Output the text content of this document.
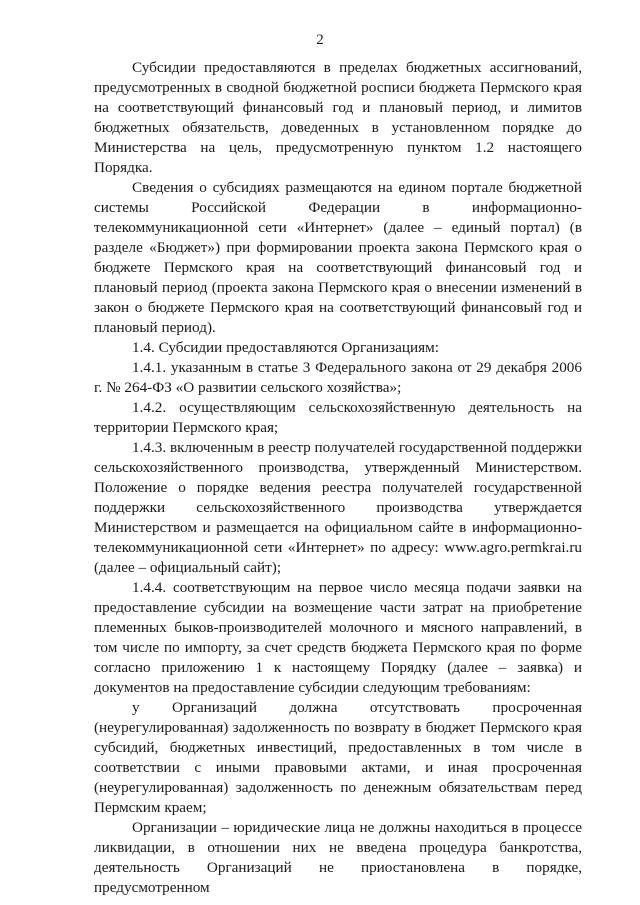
2

Субсидии предоставляются в пределах бюджетных ассигнований, предусмотренных в сводной бюджетной росписи бюджета Пермского края на соответствующий финансовый год и плановый период, и лимитов бюджетных обязательств, доведенных в установленном порядке до Министерства на цель, предусмотренную пунктом 1.2 настоящего Порядка.

Сведения о субсидиях размещаются на едином портале бюджетной системы Российской Федерации в информационно-телекоммуникационной сети «Интернет» (далее – единый портал) (в разделе «Бюджет») при формировании проекта закона Пермского края о бюджете Пермского края на соответствующий финансовый год и плановый период (проекта закона Пермского края о внесении изменений в закон о бюджете Пермского края на соответствующий финансовый год и плановый период).

1.4. Субсидии предоставляются Организациям:

1.4.1. указанным в статье 3 Федерального закона от 29 декабря 2006 г. № 264-ФЗ «О развитии сельского хозяйства»;

1.4.2. осуществляющим сельскохозяйственную деятельность на территории Пермского края;

1.4.3. включенным в реестр получателей государственной поддержки сельскохозяйственного производства, утвержденный Министерством. Положение о порядке ведения реестра получателей государственной поддержки сельскохозяйственного производства утверждается Министерством и размещается на официальном сайте в информационно-телекоммуникационной сети «Интернет» по адресу: www.agro.permkrai.ru (далее – официальный сайт);

1.4.4. соответствующим на первое число месяца подачи заявки на предоставление субсидии на возмещение части затрат на приобретение племенных быков-производителей молочного и мясного направлений, в том числе по импорту, за счет средств бюджета Пермского края по форме согласно приложению 1 к настоящему Порядку (далее – заявка) и документов на предоставление субсидии следующим требованиям:

у Организаций должна отсутствовать просроченная (неурегулированная) задолженность по возврату в бюджет Пермского края субсидий, бюджетных инвестиций, предоставленных в том числе в соответствии с иными правовыми актами, и иная просроченная (неурегулированная) задолженность по денежным обязательствам перед Пермским краем;

Организации – юридические лица не должны находиться в процессе ликвидации, в отношении них не введена процедура банкротства, деятельность Организаций не приостановлена в порядке, предусмотренном
